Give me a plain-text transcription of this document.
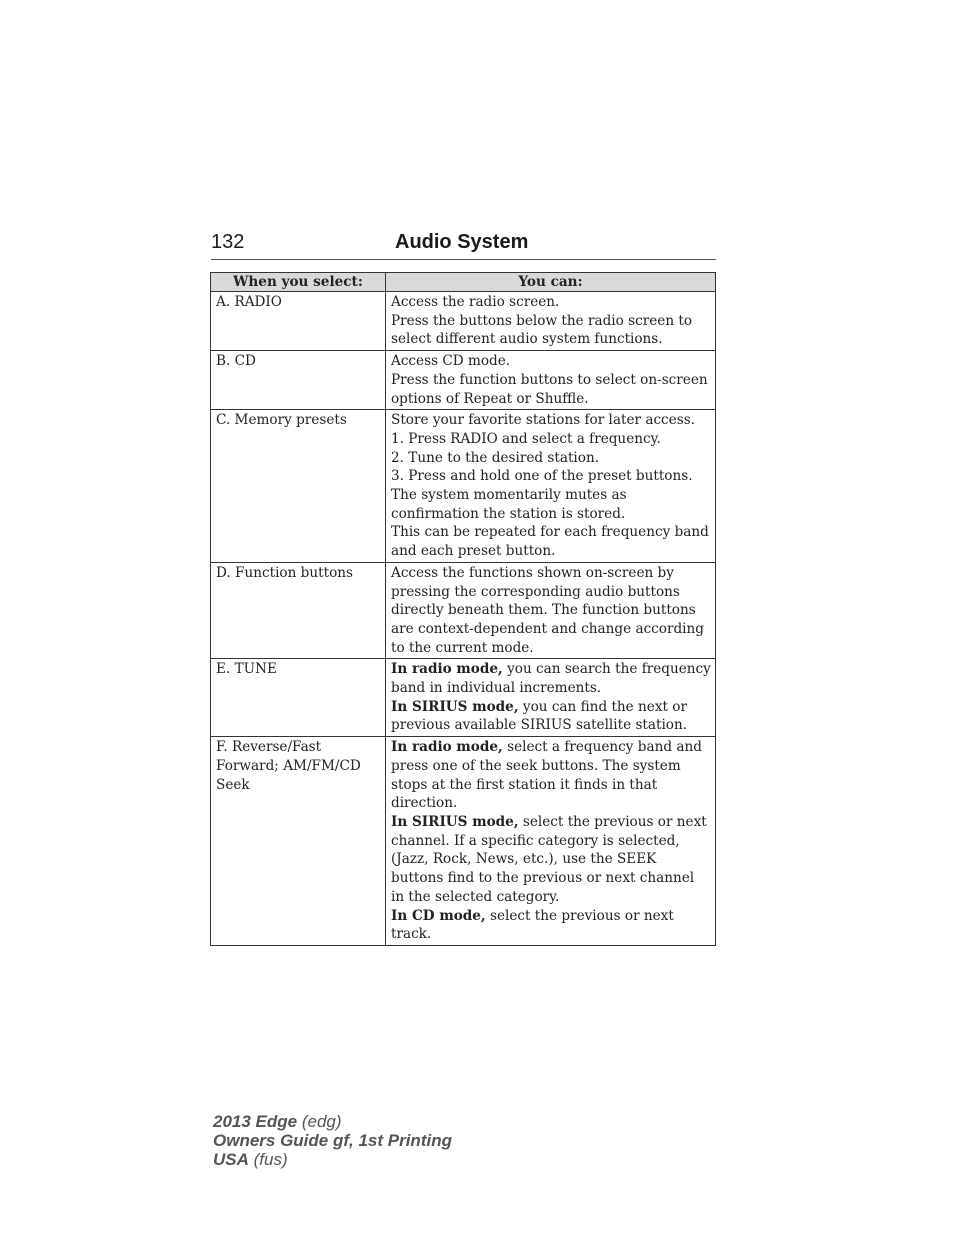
132	Audio System
When you select:	You can:
A. RADIO	Access the radio screen.
Press the buttons below the radio screen to select different audio system functions.

B. CD	Access CD mode.
Press the function buttons to select on-screen options of Repeat or Shuffle.

C. Memory presets	Store your favorite stations for later access.
1. Press RADIO and select a frequency.
2. Tune to the desired station.
3. Press and hold one of the preset buttons. The system momentarily mutes as confirmation the station is stored.
This can be repeated for each frequency band and each preset button.

D. Function buttons	Access the functions shown on-screen by pressing the corresponding audio buttons directly beneath them. The function buttons are context-dependent and change according to the current mode.

E. TUNE	In radio mode, you can search the frequency band in individual increments.
In SIRIUS mode, you can find the next or previous available SIRIUS satellite station.

F. Reverse/Fast Forward; AM/FM/CD Seek	In radio mode, select a frequency band and press one of the seek buttons. The system stops at the first station it finds in that direction.
In SIRIUS mode, select the previous or next channel. If a specific category is selected, (Jazz, Rock, News, etc.), use the SEEK buttons find to the previous or next channel in the selected category.
In CD mode, select the previous or next track.
2013 Edge (edg)
Owners Guide gf, 1st Printing
USA (fus)
